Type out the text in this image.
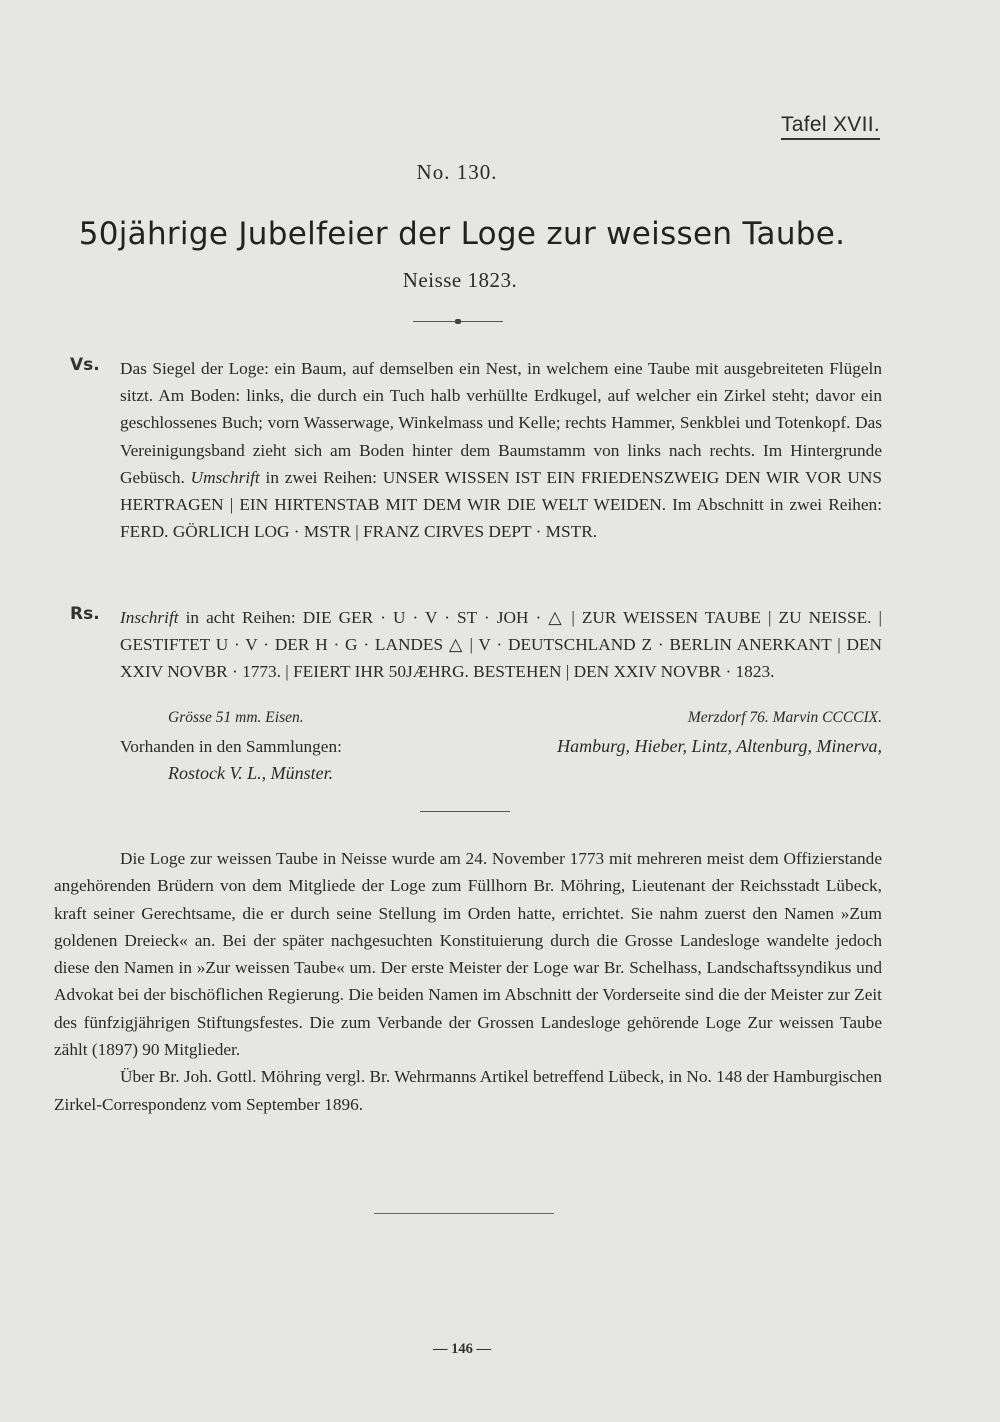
Tafel XVII.
No. 130.
50jährige Jubelfeier der Loge zur weissen Taube.
Neisse 1823.
Vs. Das Siegel der Loge: ein Baum, auf demselben ein Nest, in welchem eine Taube mit ausgebreiteten Flügeln sitzt. Am Boden: links, die durch ein Tuch halb verhüllte Erdkugel, auf welcher ein Zirkel steht; davor ein geschlossenes Buch; vorn Wasserwage, Winkelmass und Kelle; rechts Hammer, Senkblei und Totenkopf. Das Vereinigungsband zieht sich am Boden hinter dem Baumstamm von links nach rechts. Im Hintergrunde Gebüsch. Umschrift in zwei Reihen: UNSER WISSEN IST EIN FRIEDENSZWEIG DEN WIR VOR UNS HERTRAGEN | EIN HIRTENSTAB MIT DEM WIR DIE WELT WEIDEN. Im Abschnitt in zwei Reihen: FERD. GÖRLICH LOG · MSTR | FRANZ CIRVES DEPT · MSTR.

Rs. Inschrift in acht Reihen: DIE GER · U · V · ST · JOH · △ | ZUR WEISSEN TAUBE | ZU NEISSE. | GESTIFTET U · V · DER H · G · LANDES △ | V · DEUTSCHLAND Z · BERLIN ANERKANT | DEN XXIV NOVBR · 1773. | FEIERT IHR 50JÆHRG. BESTEHEN | DEN XXIV NOVBR · 1823.

Grösse 51 mm. Eisen.	Merzdorf 76. Marvin CCCCIX.
Vorhanden in den Sammlungen:	Hamburg, Hieber, Lintz, Altenburg, Minerva,
Rostock V. L., Münster.

Die Loge zur weissen Taube in Neisse wurde am 24. November 1773 mit mehreren meist dem Offizierstande angehörenden Brüdern von dem Mitgliede der Loge zum Füllhorn Br. Möhring, Lieutenant der Reichsstadt Lübeck, kraft seiner Gerechtsame, die er durch seine Stellung im Orden hatte, errichtet. Sie nahm zuerst den Namen »Zum goldenen Dreieck« an. Bei der später nachgesuchten Konstituierung durch die Grosse Landesloge wandelte jedoch diese den Namen in »Zur weissen Taube« um. Der erste Meister der Loge war Br. Schelhass, Landschaftssyndikus und Advokat bei der bischöflichen Regierung. Die beiden Namen im Abschnitt der Vorderseite sind die der Meister zur Zeit des fünfzigjährigen Stiftungsfestes. Die zum Verbande der Grossen Landesloge gehörende Loge Zur weissen Taube zählt (1897) 90 Mitglieder.

Über Br. Joh. Gottl. Möhring vergl. Br. Wehrmanns Artikel betreffend Lübeck, in No. 148 der Hamburgischen Zirkel-Correspondenz vom September 1896.

— 146 —
